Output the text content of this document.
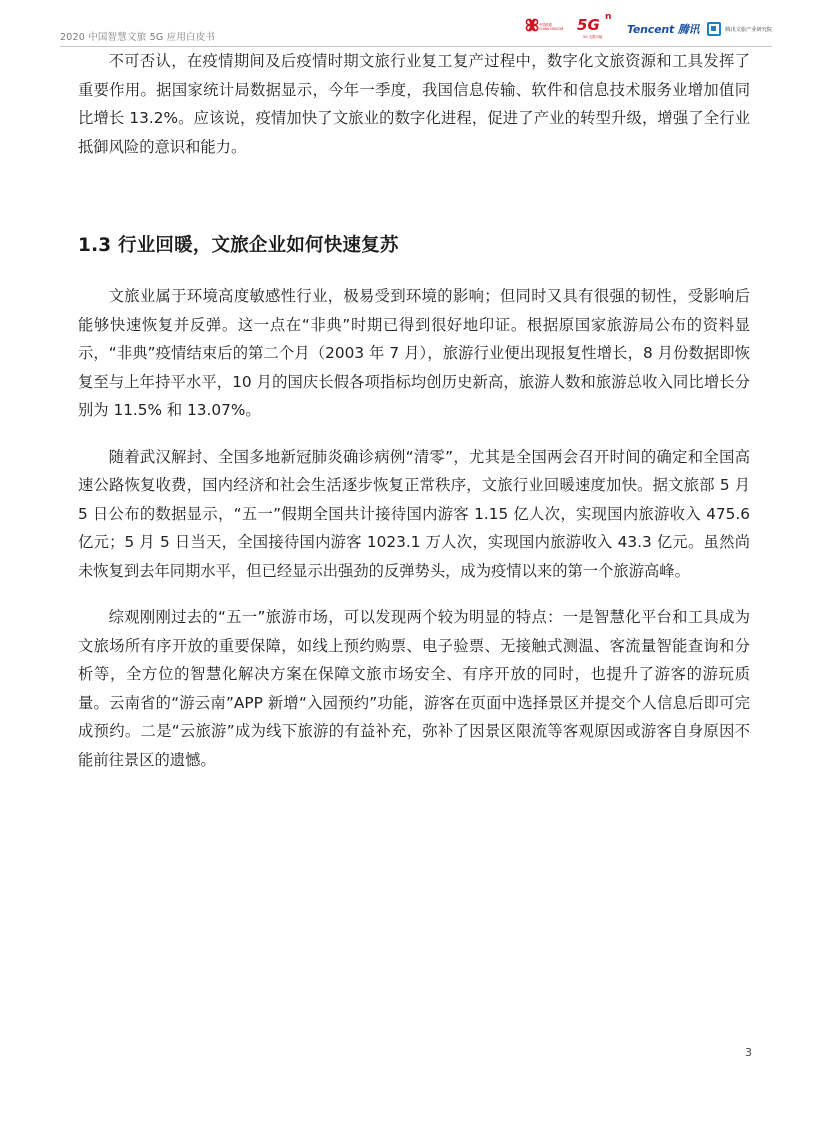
2020 中国智慧文旅 5G 应用白皮书
中国联通
CHINA UNICOM 5G n
5G 无限可能
Tencent 腾讯	腾讯文旅产业研究院

不可否认，在疫情期间及后疫情时期文旅行业复工复产过程中，数字化文旅资源和工具发挥了重要作用。据国家统计局数据显示，今年一季度，我国信息传输、软件和信息技术服务业增加值同比增长 13.2%。应该说，疫情加快了文旅业的数字化进程，促进了产业的转型升级，增强了全行业抵御风险的意识和能力。

1.3 行业回暖，文旅企业如何快速复苏

文旅业属于环境高度敏感性行业，极易受到环境的影响；但同时又具有很强的韧性，受影响后能够快速恢复并反弹。这一点在“非典”时期已得到很好地印证。根据原国家旅游局公布的资料显示，“非典”疫情结束后的第二个月（2003 年 7 月），旅游行业便出现报复性增长，8 月份数据即恢复至与上年持平水平，10 月的国庆长假各项指标均创历史新高，旅游人数和旅游总收入同比增长分别为 11.5% 和 13.07%。

随着武汉解封、全国多地新冠肺炎确诊病例“清零”，尤其是全国两会召开时间的确定和全国高速公路恢复收费，国内经济和社会生活逐步恢复正常秩序，文旅行业回暖速度加快。据文旅部 5 月 5 日公布的数据显示，“五一”假期全国共计接待国内游客 1.15 亿人次，实现国内旅游收入 475.6 亿元；5 月 5 日当天，全国接待国内游客 1023.1 万人次，实现国内旅游收入 43.3 亿元。虽然尚未恢复到去年同期水平，但已经显示出强劲的反弹势头，成为疫情以来的第一个旅游高峰。

综观刚刚过去的“五一”旅游市场，可以发现两个较为明显的特点：一是智慧化平台和工具成为文旅场所有序开放的重要保障，如线上预约购票、电子验票、无接触式测温、客流量智能查询和分析等，全方位的智慧化解决方案在保障文旅市场安全、有序开放的同时，也提升了游客的游玩质量。云南省的“游云南”APP 新增“入园预约”功能，游客在页面中选择景区并提交个人信息后即可完成预约。二是“云旅游”成为线下旅游的有益补充，弥补了因景区限流等客观原因或游客自身原因不能前往景区的遗憾。

3
